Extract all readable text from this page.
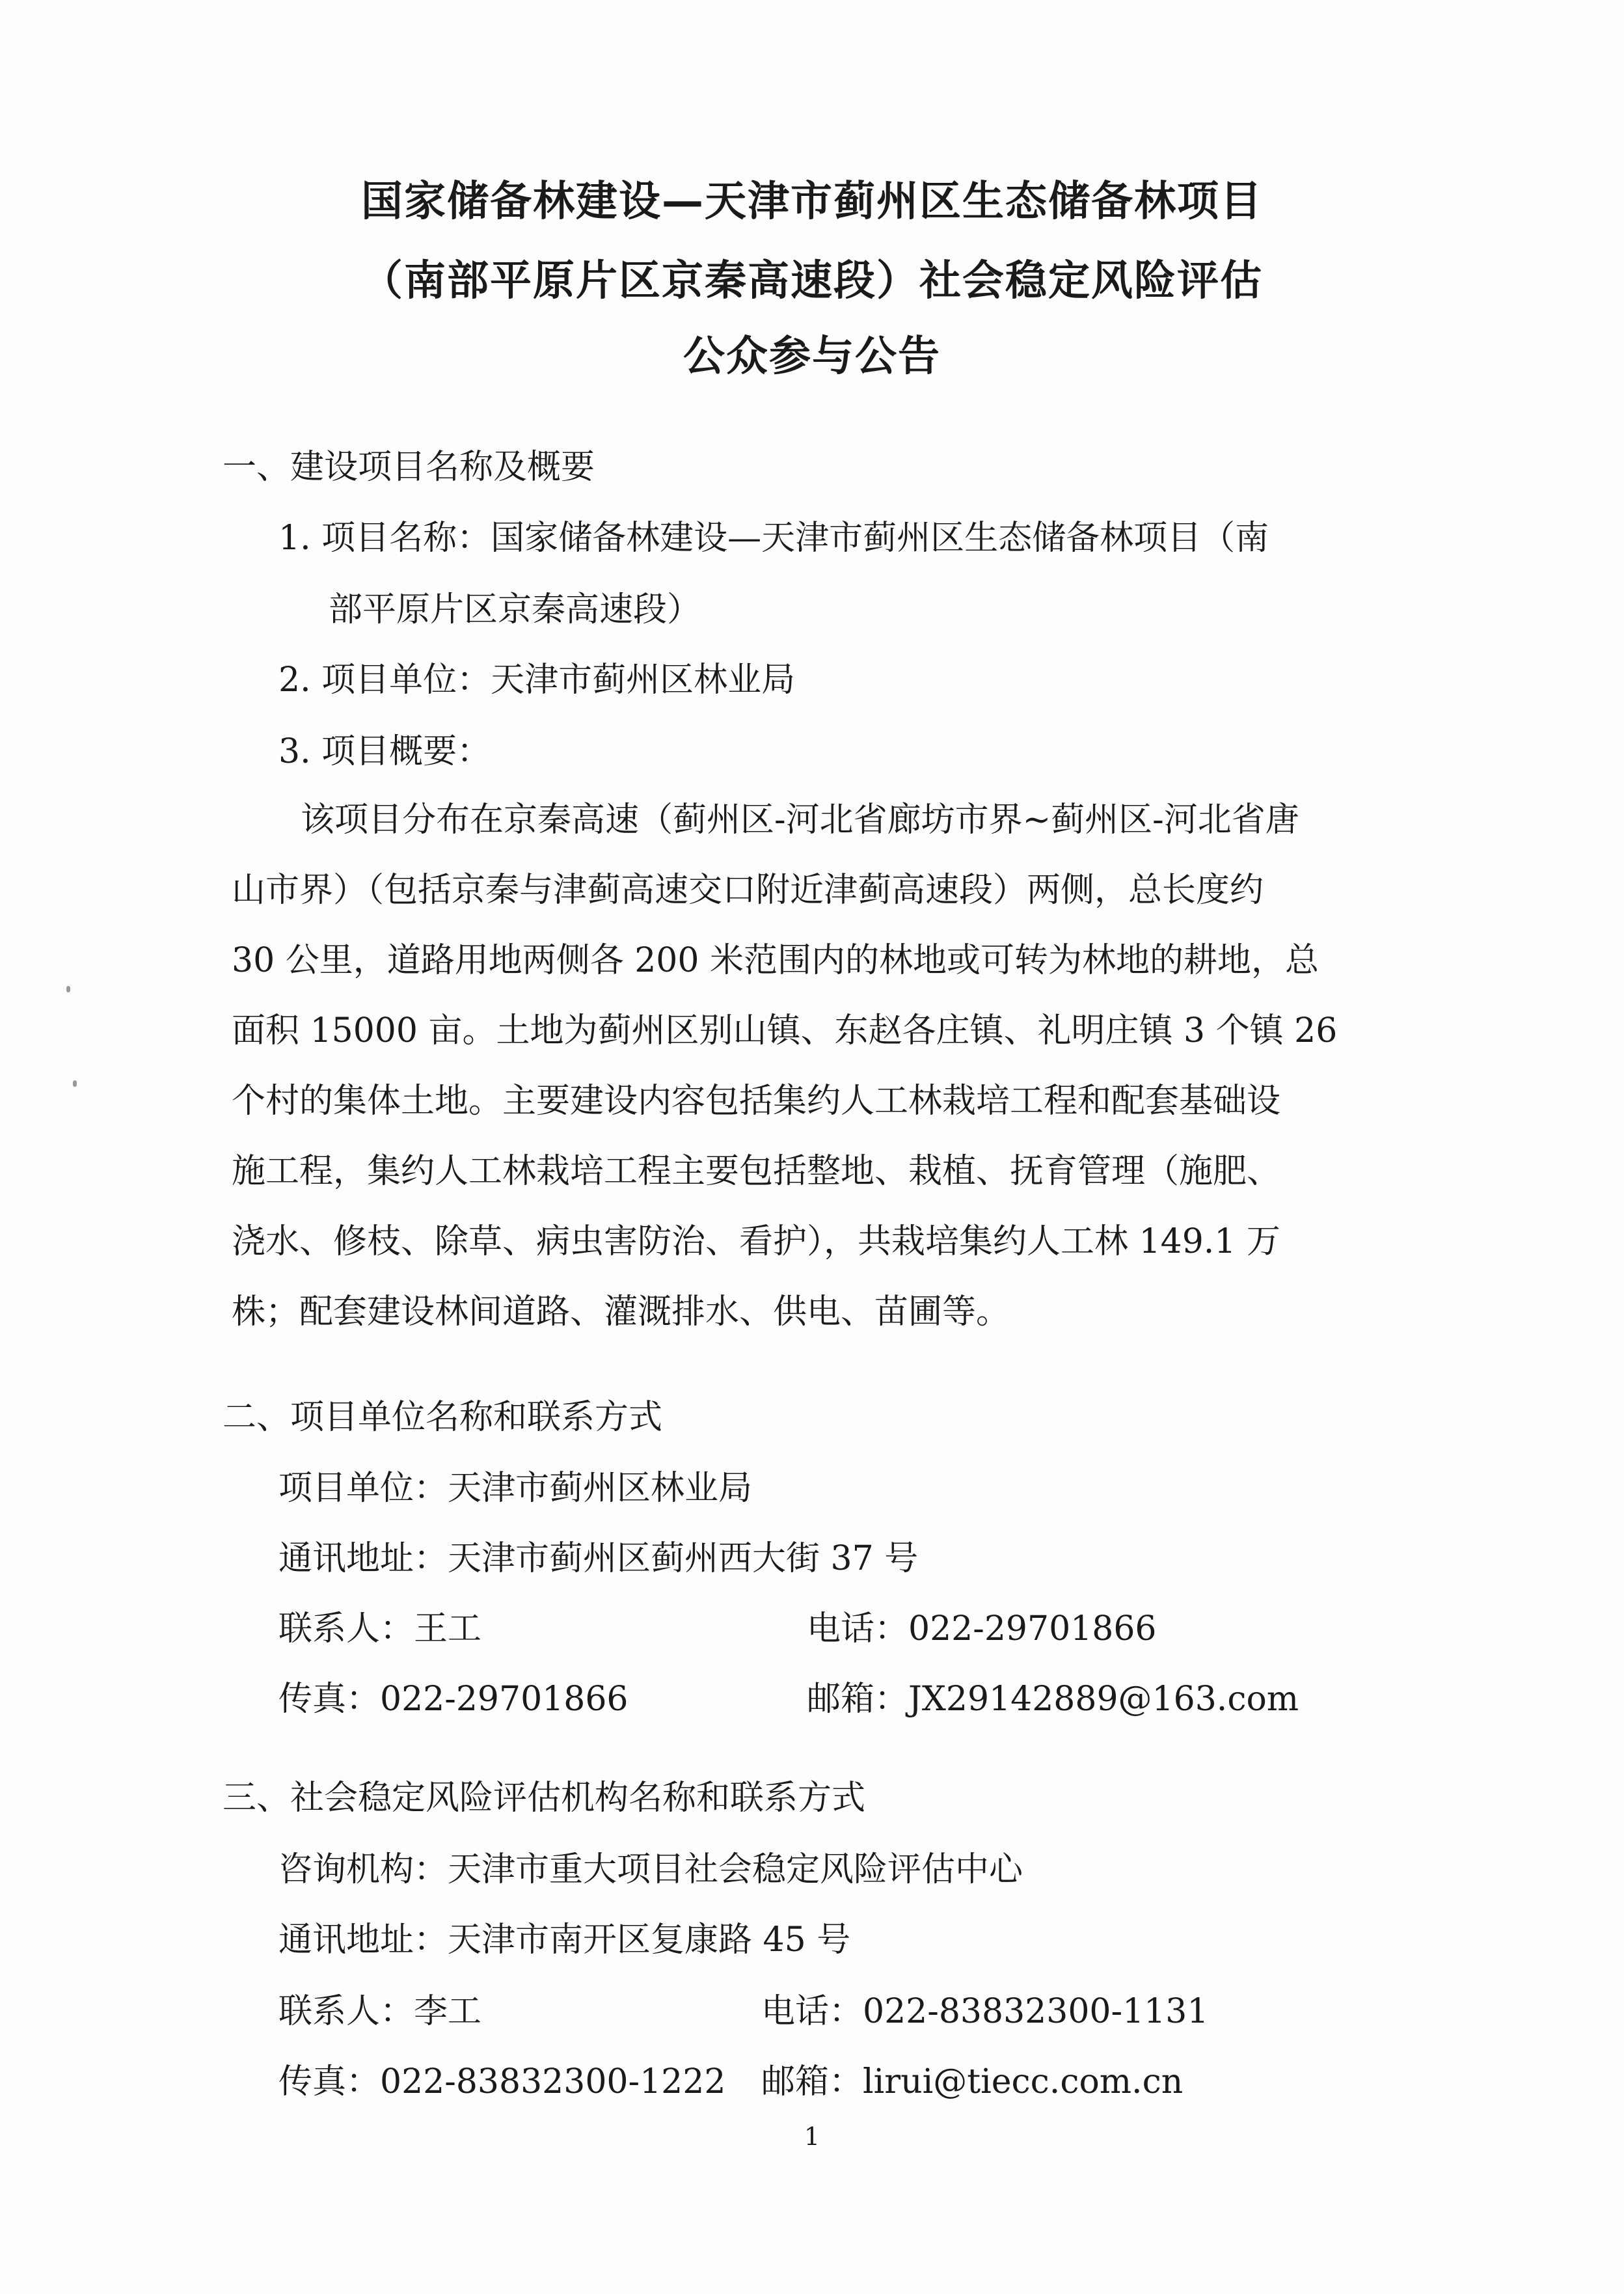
国家储备林建设—天津市蓟州区生态储备林项目
（南部平原片区京秦高速段）社会稳定风险评估
公众参与公告
一、建设项目名称及概要
1. 项目名称：国家储备林建设—天津市蓟州区生态储备林项目（南
部平原片区京秦高速段）
2. 项目单位：天津市蓟州区林业局
3. 项目概要：
该项目分布在京秦高速（蓟州区-河北省廊坊市界~蓟州区-河北省唐
山市界）（包括京秦与津蓟高速交口附近津蓟高速段）两侧，总长度约
30 公里，道路用地两侧各 200 米范围内的林地或可转为林地的耕地，总
面积 15000 亩。土地为蓟州区别山镇、东赵各庄镇、礼明庄镇 3 个镇 26
个村的集体土地。主要建设内容包括集约人工林栽培工程和配套基础设
施工程，集约人工林栽培工程主要包括整地、栽植、抚育管理（施肥、
浇水、修枝、除草、病虫害防治、看护），共栽培集约人工林 149.1 万
株；配套建设林间道路、灌溉排水、供电、苗圃等。
二、项目单位名称和联系方式
项目单位：天津市蓟州区林业局
通讯地址：天津市蓟州区蓟州西大街 37 号
联系人：王工	电话：022-29701866
传真：022-29701866	邮箱：JX29142889@163.com
三、社会稳定风险评估机构名称和联系方式
咨询机构：天津市重大项目社会稳定风险评估中心
通讯地址：天津市南开区复康路 45 号
联系人：李工	电话：022-83832300-1131
传真：022-83832300-1222 邮箱：lirui@tiecc.com.cn
1
